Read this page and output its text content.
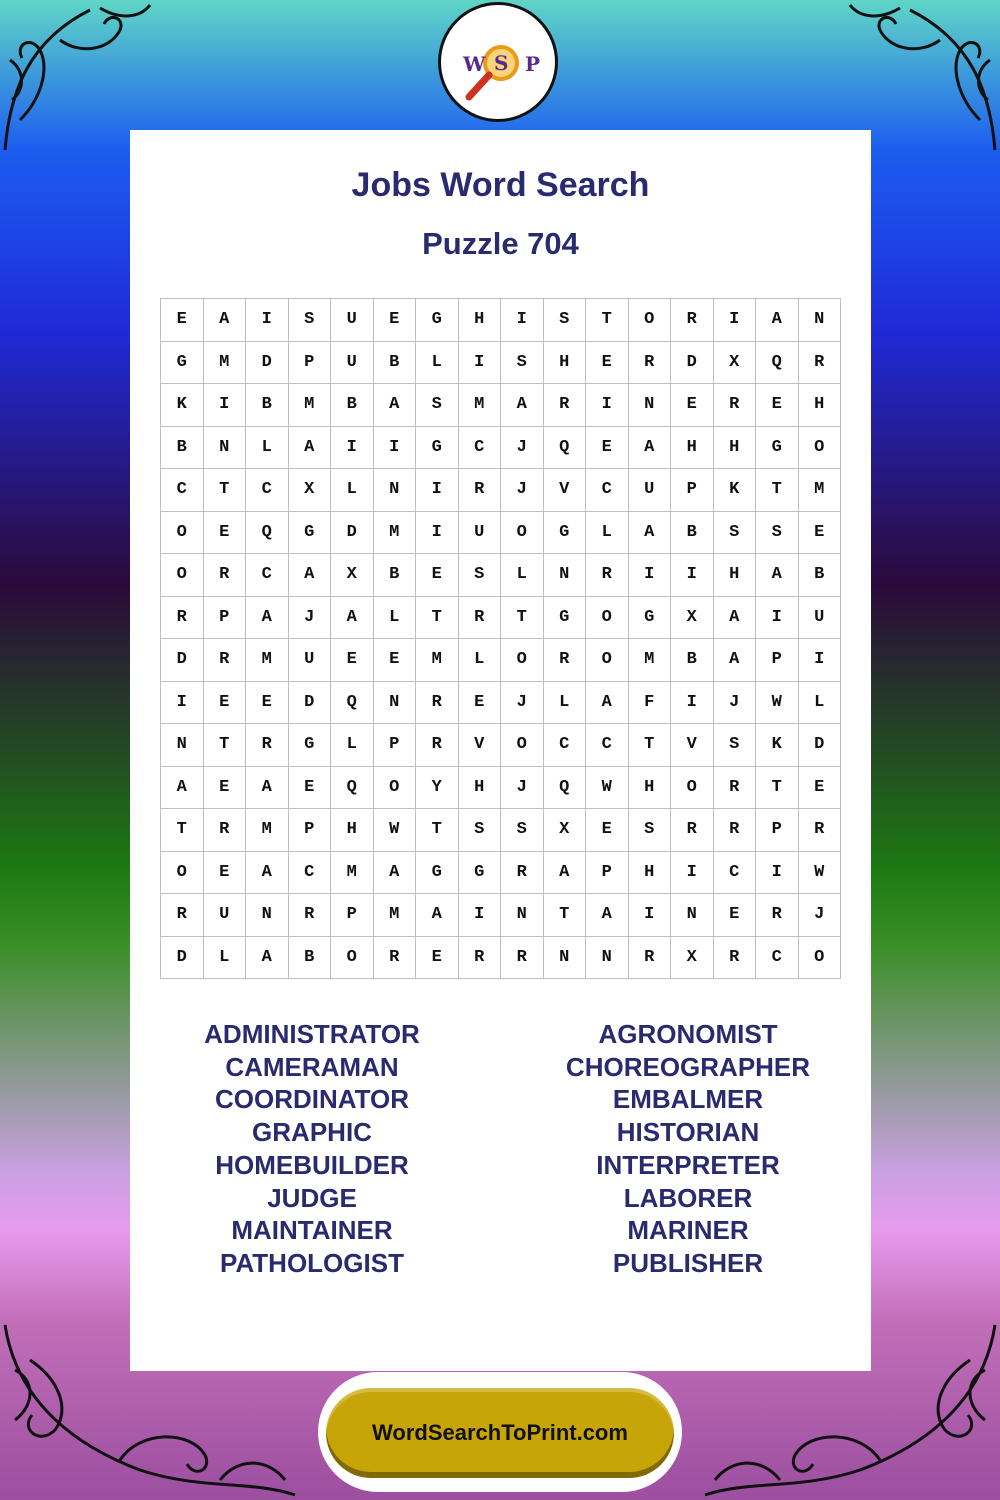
W S P
Jobs Word Search
Puzzle 704
E	A	I	S	U	E	G	H	I	S	T	O	R	I	A	N
G	M	D	P	U	B	L	I	S	H	E	R	D	X	Q	R
K	I	B	M	B	A	S	M	A	R	I	N	E	R	E	H
B	N	L	A	I	I	G	C	J	Q	E	A	H	H	G	O
C	T	C	X	L	N	I	R	J	V	C	U	P	K	T	M
O	E	Q	G	D	M	I	U	O	G	L	A	B	S	S	E
O	R	C	A	X	B	E	S	L	N	R	I	I	H	A	B
R	P	A	J	A	L	T	R	T	G	O	G	X	A	I	U
D	R	M	U	E	E	M	L	O	R	O	M	B	A	P	I
I	E	E	D	Q	N	R	E	J	L	A	F	I	J	W	L
N	T	R	G	L	P	R	V	O	C	C	T	V	S	K	D
A	E	A	E	Q	O	Y	H	J	Q	W	H	O	R	T	E
T	R	M	P	H	W	T	S	S	X	E	S	R	R	P	R
O	E	A	C	M	A	G	G	R	A	P	H	I	C	I	W
R	U	N	R	P	M	A	I	N	T	A	I	N	E	R	J
D	L	A	B	O	R	E	R	R	N	N	R	X	R	C	O
ADMINISTRATOR
CAMERAMAN
COORDINATOR
GRAPHIC
HOMEBUILDER
JUDGE
MAINTAINER
PATHOLOGIST
AGRONOMIST
CHOREOGRAPHER
EMBALMER
HISTORIAN
INTERPRETER
LABORER
MARINER
PUBLISHER
WordSearchToPrint.com
